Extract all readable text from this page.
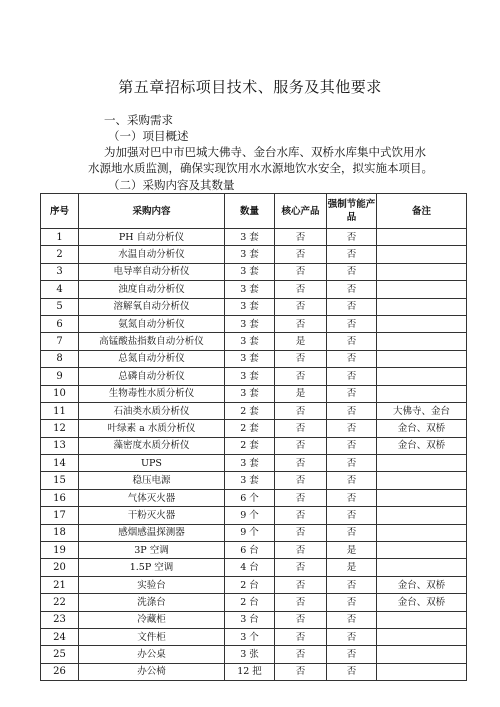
第五章招标项目技术、服务及其他要求
一、采购需求
（一）项目概述
为加强对巴中市巴城大佛寺、金台水库、双桥水库集中式饮用水
水源地水质监测，确保实现饮用水水源地饮水安全，拟实施本项目。
（二）采购内容及其数量
序号	采购内容	数量	核心产品	强制节能产品	备注
1	PH 自动分析仪	3 套	否	否	
2	水温自动分析仪	3 套	否	否	
3	电导率自动分析仪	3 套	否	否	
4	浊度自动分析仪	3 套	否	否	
5	溶解氧自动分析仪	3 套	否	否	
6	氨氮自动分析仪	3 套	否	否	
7	高锰酸盐指数自动分析仪	3 套	是	否	
8	总氮自动分析仪	3 套	否	否	
9	总磷自动分析仪	3 套	否	否	
10	生物毒性水质分析仪	3 套	是	否	
11	石油类水质分析仪	2 套	否	否	大佛寺、金台
12	叶绿素 a 水质分析仪	2 套	否	否	金台、双桥
13	藻密度水质分析仪	2 套	否	否	金台、双桥
14	UPS	3 套	否	否	
15	稳压电源	3 套	否	否	
16	气体灭火器	6 个	否	否	
17	干粉灭火器	9 个	否	否	
18	感烟感温探测器	9 个	否	否	
19	3P 空调	6 台	否	是	
20	1.5P 空调	4 台	否	是	
21	实验台	2 台	否	否	金台、双桥
22	洗涤台	2 台	否	否	金台、双桥
23	冷藏柜	3 台	否	否	
24	文件柜	3 个	否	否	
25	办公桌	3 张	否	否	
26	办公椅	12 把	否	否	
